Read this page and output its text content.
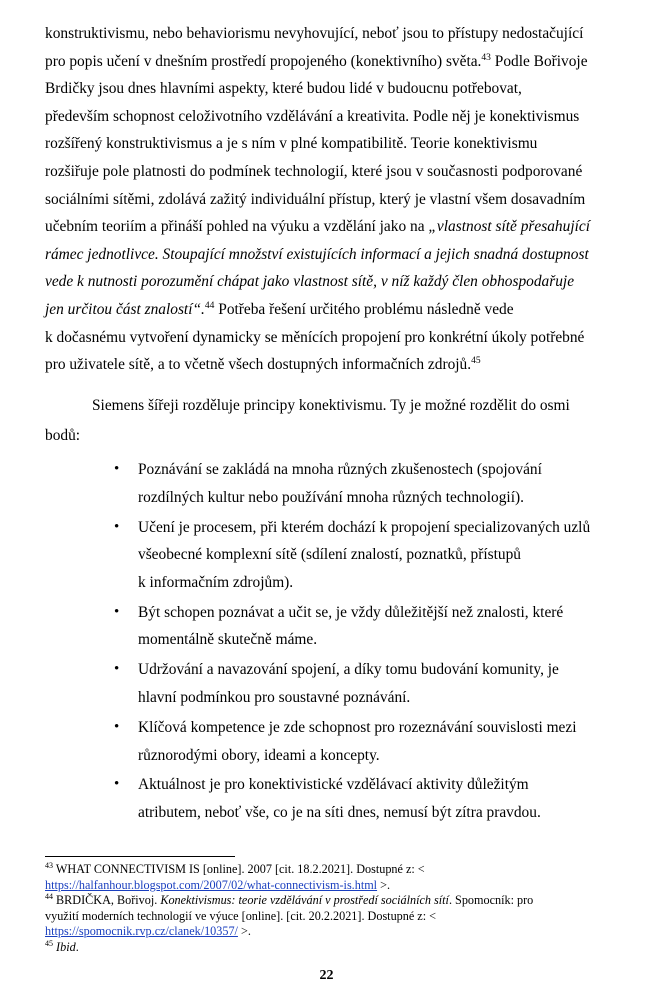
konstruktivismu, nebo behaviorismu nevyhovující, neboť jsou to přístupy nedostačující
pro popis učení v dnešním prostředí propojeného (konektivního) světa.$^{43}$ Podle Bořivoje
Brdičky jsou dnes hlavními aspekty, které budou lidé v budoucnu potřebovat,
především schopnost celoživotního vzdělávání a kreativita. Podle něj je konektivismus
rozšířený konstruktivismus a je s ním v plné kompatibilitě. Teorie konektivismu
rozšiřuje pole platnosti do podmínek technologií, které jsou v současnosti podporované
sociálními sítěmi, zdolává zažitý individuální přístup, který je vlastní všem dosavadním
učebním teoriím a přináší pohled na výuku a vzdělání jako na „vlastnost sítě přesahující
rámec jednotlivce. Stoupající množství existujících informací a jejich snadná dostupnost
vede k nutnosti porozumění chápat jako vlastnost sítě, v níž každý člen obhospodařuje
jen určitou část znalostí“.$^{44}$ Potřeba řešení určitého problému následně vede
k dočasnému vytvoření dynamicky se měnících propojení pro konkrétní úkoly potřebné
pro uživatele sítě, a to včetně všech dostupných informačních zdrojů.$^{45}$
Siemens šířeji rozděluje principy konektivismu. Ty je možné rozdělit do osmi
bodů:
• Poznávání se zakládá na mnoha různých zkušenostech (spojování
rozdílných kultur nebo používání mnoha různých technologií).
• Učení je procesem, při kterém dochází k propojení specializovaných uzlů
všeobecné komplexní sítě (sdílení znalostí, poznatků, přístupů
k informačním zdrojům).
• Být schopen poznávat a učit se, je vždy důležitější než znalosti, které
momentálně skutečně máme.
• Udržování a navazování spojení, a díky tomu budování komunity, je
hlavní podmínkou pro soustavné poznávání.
• Klíčová kompetence je zde schopnost pro rozeznávání souvislosti mezi
různorodými obory, ideami a koncepty.
• Aktuálnost je pro konektivistické vzdělávací aktivity důležitým
atributem, neboť vše, co je na síti dnes, nemusí být zítra pravdou.
$^{43}$ WHAT CONNECTIVISM IS [online]. 2007 [cit. 18.2.2021]. Dostupné z: <
https://halfanhour.blogspot.com/2007/02/what-connectivism-is.html >.
$^{44}$ BRDIČKA, Bořivoj. Konektivismus: teorie vzdělávání v prostředí sociálních sítí. Spomocník: pro
využití moderních technologií ve výuce [online]. [cit. 20.2.2021]. Dostupné z: <
https://spomocnik.rvp.cz/clanek/10357/ >.
$^{45}$ Ibid.
22
